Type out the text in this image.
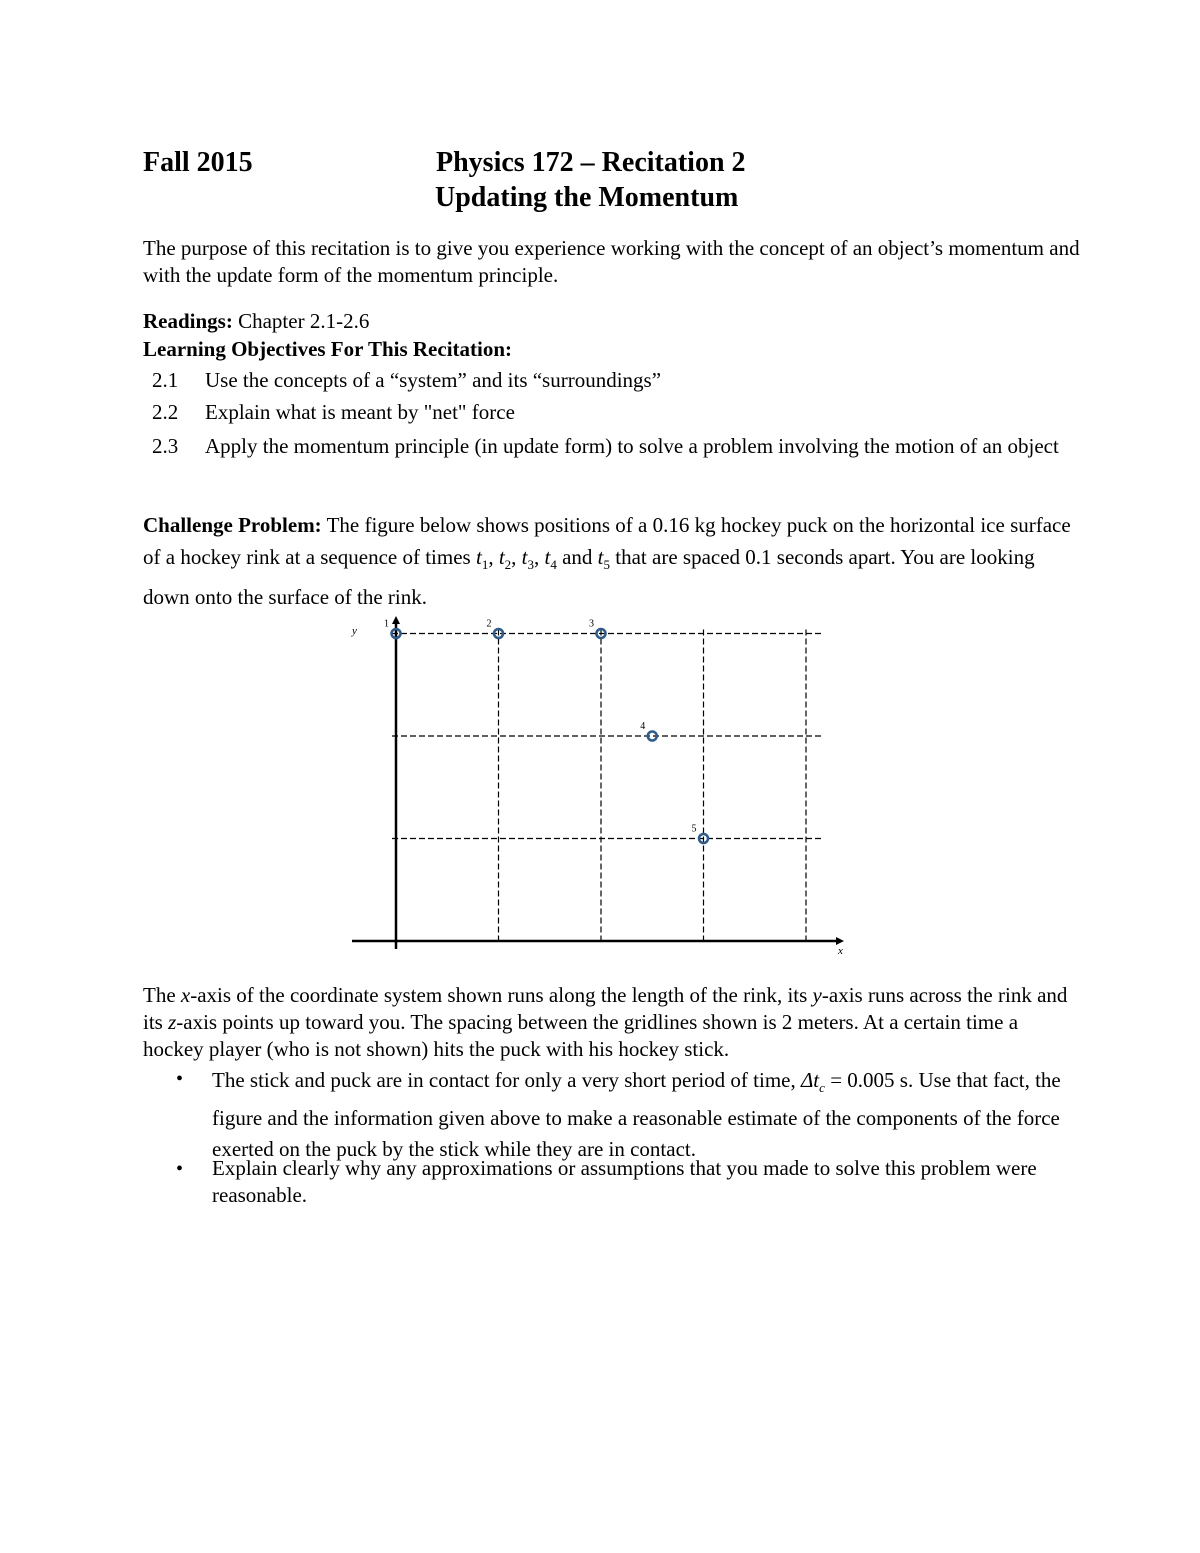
Fall 2015	Physics 172 – Recitation 2
Updating the Momentum
The purpose of this recitation is to give you experience working with the concept of an object’s momentum and with the update form of the momentum principle.
Readings: Chapter 2.1-2.6
Learning Objectives For This Recitation:
2.1 Use the concepts of a “system” and its “surroundings”
2.2 Explain what is meant by "net" force
2.3 Apply the momentum principle (in update form) to solve a problem involving the motion of an object
Challenge Problem: The figure below shows positions of a 0.16 kg hockey puck on the horizontal ice surface of a hockey rink at a sequence of times $t_1$, $t_2$, $t_3$, $t_4$ and $t_5$ that are spaced 0.1 seconds apart. You are looking down onto the surface of the rink.
x
y
1	2	3
4
5
The x-axis of the coordinate system shown runs along the length of the rink, its y-axis runs across the rink and its z-axis points up toward you. The spacing between the gridlines shown is 2 meters. At a certain time a hockey player (who is not shown) hits the puck with his hockey stick.
• The stick and puck are in contact for only a very short period of time, $\Delta t_c = 0.005$ s. Use that fact, the figure and the information given above to make a reasonable estimate of the components of the force exerted on the puck by the stick while they are in contact.
• Explain clearly why any approximations or assumptions that you made to solve this problem were reasonable.
